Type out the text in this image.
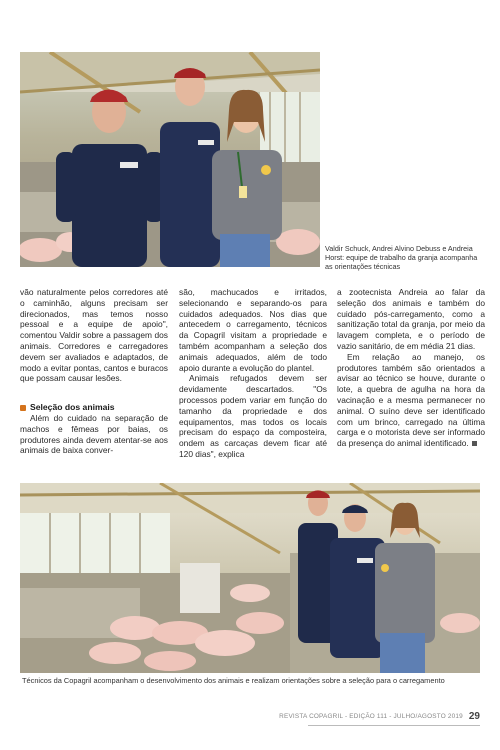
Valdir Schuck, Andrei Alvino Debuss e Andreia Horst: equipe de trabalho da granja acompanha as orientações técnicas

vão naturalmente pelos corredores até o caminhão, alguns precisam ser direcionados, mas temos nosso pessoal e a equipe de apoio", comentou Valdir sobre a passagem dos animais. Corredores e carregadores devem ser avaliados e adaptados, de modo a evitar pontas, cantos e buracos que possam causar lesões.

Seleção dos animais

Além do cuidado na separação de machos e fêmeas por baias, os produtores ainda devem atentar-se aos animais de baixa conver-

são, machucados e irritados, selecionando e separando-os para cuidados adequados. Nos dias que antecedem o carregamento, técnicos da Copagril visitam a propriedade e também acompanham a seleção dos animais adequados, além de todo apoio durante a evolução do plantel.

Animais refugados devem ser devidamente descartados. "Os processos podem variar em função do tamanho da propriedade e dos equipamentos, mas todos os locais precisam do espaço da composteira, ondem as carcaças devem ficar até 120 dias", explica

a zootecnista Andreia ao falar da seleção dos animais e também do cuidado pós-carregamento, como a sanitização total da granja, por meio da lavagem completa, e o período de vazio sanitário, de em média 21 dias.

Em relação ao manejo, os produtores também são orientados a avisar ao técnico se houve, durante o lote, a quebra de agulha na hora da vacinação e a mesma permanecer no animal. O suíno deve ser identificado com um brinco, carregado na última carga e o motorista deve ser informado da presença do animal identificado.

Técnicos da Copagril acompanham o desenvolvimento dos animais e realizam orientações sobre a seleção para o carregamento
REVISTA COPAGRIL - EDIÇÃO 111 - JULHO/AGOSTO 2019 29
